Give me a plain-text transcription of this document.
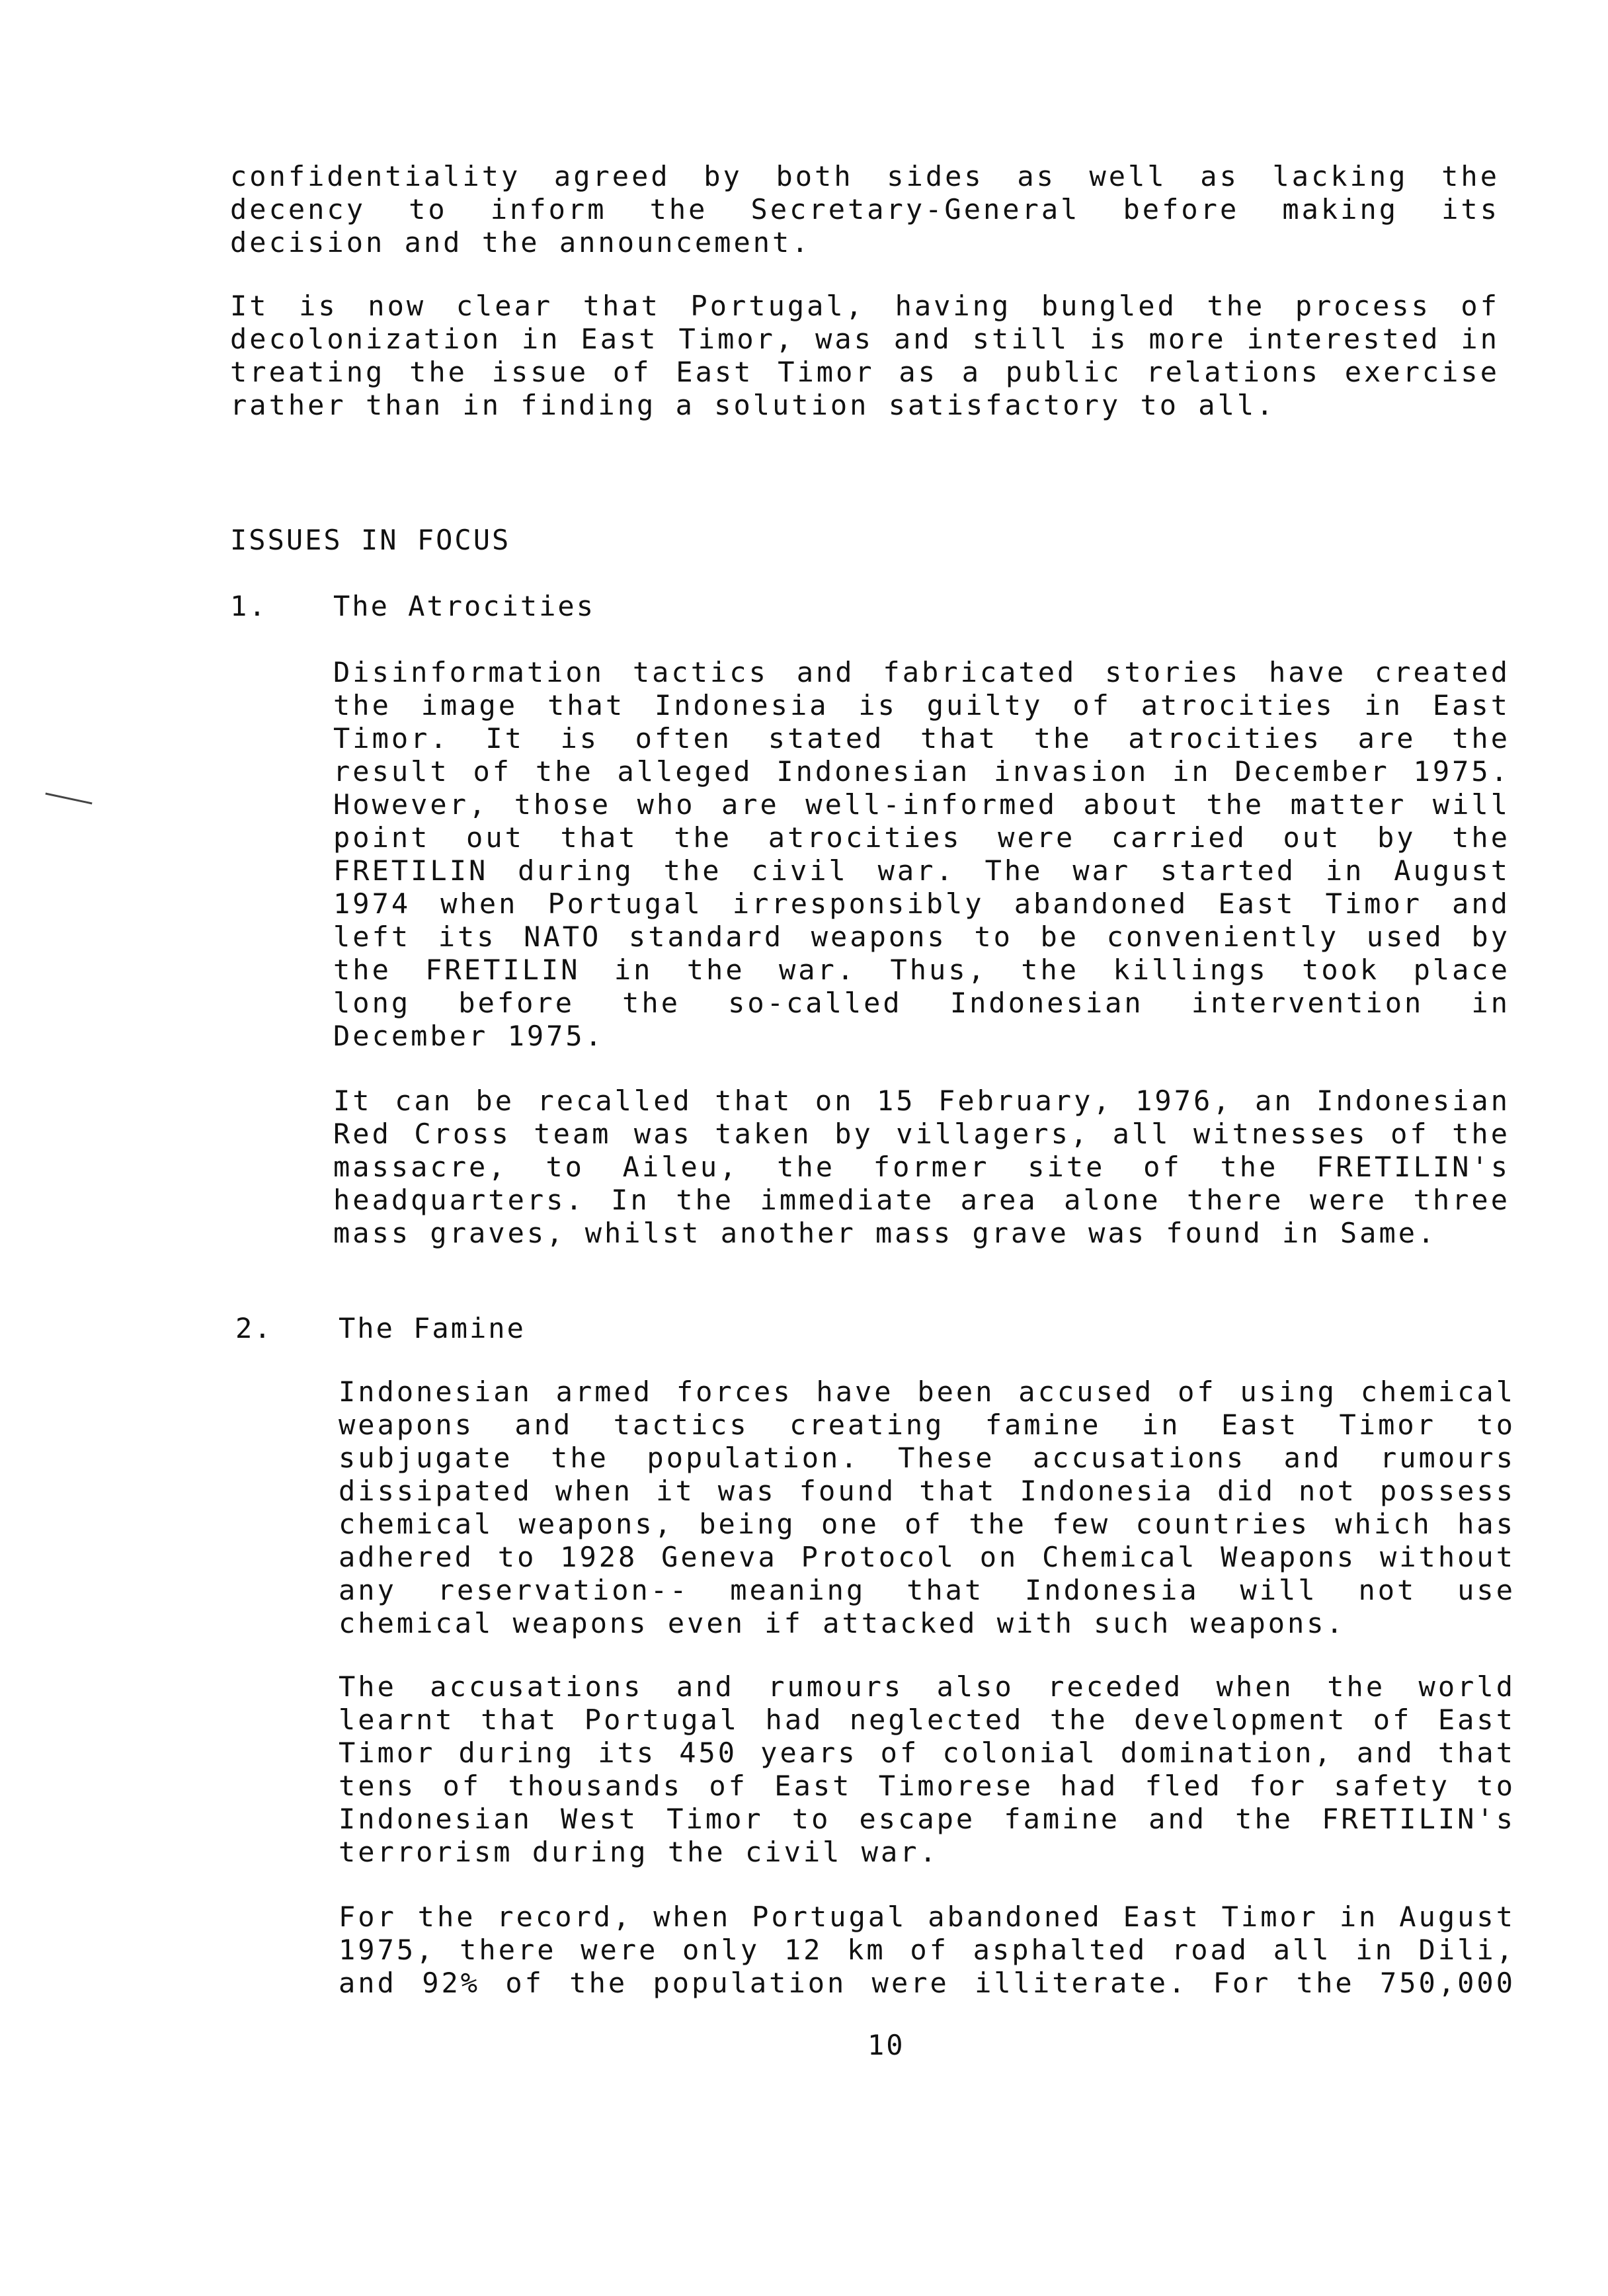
confidentiality agreed by both sides as well as lacking the
decency to inform the Secretary-General before making its
decision and the announcement.
It is now clear that Portugal, having bungled the process of
decolonization in East Timor, was and still is more interested in
treating the issue of East Timor as a public relations exercise
rather than in finding a solution satisfactory to all.
ISSUES IN FOCUS
1. The Atrocities
Disinformation tactics and fabricated stories have created
the image that Indonesia is guilty of atrocities in East
Timor. It is often stated that the atrocities are the
result of the alleged Indonesian invasion in December 1975.
However, those who are well-informed about the matter will
point out that the atrocities were carried out by the
FRETILIN during the civil war. The war started in August
1974 when Portugal irresponsibly abandoned East Timor and
left its NATO standard weapons to be conveniently used by
the FRETILIN in the war. Thus, the killings took place
long before the so-called Indonesian intervention in
December 1975.
It can be recalled that on 15 February, 1976, an Indonesian
Red Cross team was taken by villagers, all witnesses of the
massacre, to Aileu, the former site of the FRETILIN's
headquarters. In the immediate area alone there were three
mass graves, whilst another mass grave was found in Same.
2. The Famine
Indonesian armed forces have been accused of using chemical
weapons and tactics creating famine in East Timor to
subjugate the population. These accusations and rumours
dissipated when it was found that Indonesia did not possess
chemical weapons, being one of the few countries which has
adhered to 1928 Geneva Protocol on Chemical Weapons without
any reservation-- meaning that Indonesia will not use
chemical weapons even if attacked with such weapons.
The accusations and rumours also receded when the world
learnt that Portugal had neglected the development of East
Timor during its 450 years of colonial domination, and that
tens of thousands of East Timorese had fled for safety to
Indonesian West Timor to escape famine and the FRETILIN's
terrorism during the civil war.
For the record, when Portugal abandoned East Timor in August
1975, there were only 12 km of asphalted road all in Dili,
and 92% of the population were illiterate. For the 750,000
10
